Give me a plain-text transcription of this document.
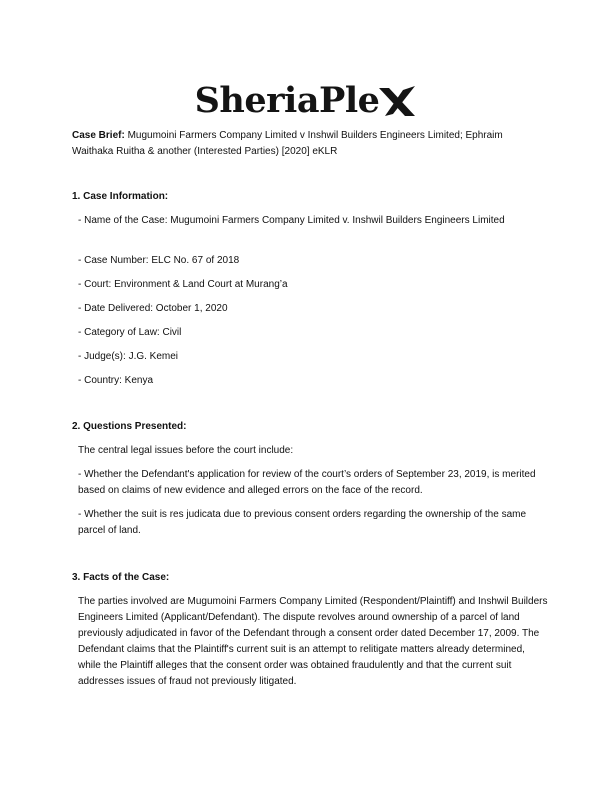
SheriaPle
Case Brief: Mugumoini Farmers Company Limited v Inshwil Builders Engineers Limited; Ephraim Waithaka Ruitha & another (Interested Parties) [2020] eKLR
1. Case Information:
- Name of the Case: Mugumoini Farmers Company Limited v. Inshwil Builders Engineers Limited
- Case Number: ELC No. 67 of 2018
- Court: Environment & Land Court at Murang’a
- Date Delivered: October 1, 2020
- Category of Law: Civil
- Judge(s): J.G. Kemei
- Country: Kenya
2. Questions Presented:
The central legal issues before the court include:
- Whether the Defendant's application for review of the court’s orders of September 23, 2019, is merited based on claims of new evidence and alleged errors on the face of the record.
- Whether the suit is res judicata due to previous consent orders regarding the ownership of the same parcel of land.
3. Facts of the Case:
The parties involved are Mugumoini Farmers Company Limited (Respondent/Plaintiff) and Inshwil Builders Engineers Limited (Applicant/Defendant). The dispute revolves around ownership of a parcel of land previously adjudicated in favor of the Defendant through a consent order dated December 17, 2009. The Defendant claims that the Plaintiff's current suit is an attempt to relitigate matters already determined, while the Plaintiff alleges that the consent order was obtained fraudulently and that the current suit addresses issues of fraud not previously litigated.
